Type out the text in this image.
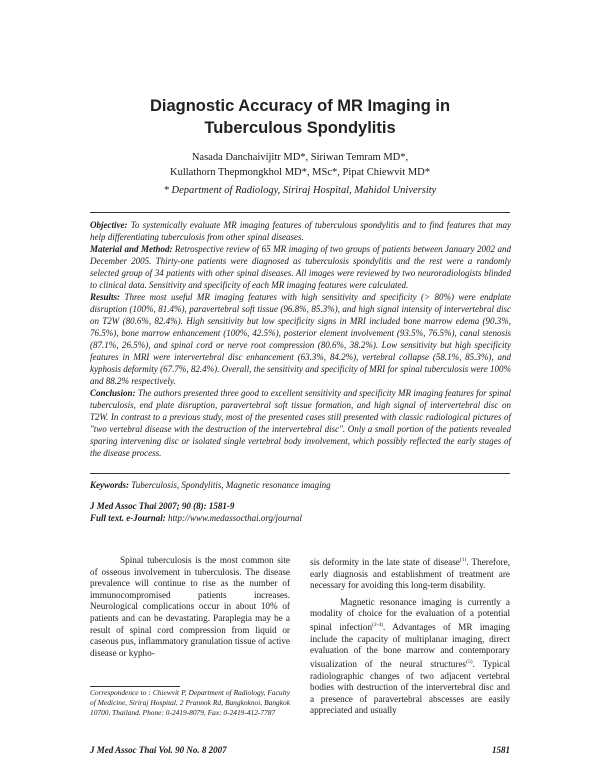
Diagnostic Accuracy of MR Imaging in
Tuberculous Spondylitis
Nasada Danchaivijitr MD*, Siriwan Temram MD*,
Kullathorn Thepmongkhol MD*, MSc*, Pipat Chiewvit MD*
* Department of Radiology, Siriraj Hospital, Mahidol University

Objective: To systemically evaluate MR imaging features of tuberculous spondylitis and to find features that may help differentiating tuberculosis from other spinal diseases.

Material and Method: Retrospective review of 65 MR imaging of two groups of patients between January 2002 and December 2005. Thirty-one patients were diagnosed as tuberculosis spondylitis and the rest were a randomly selected group of 34 patients with other spinal diseases. All images were reviewed by two neuroradiologists blinded to clinical data. Sensitivity and specificity of each MR imaging features were calculated.

Results: Three most useful MR imaging features with high sensitivity and specificity (> 80%) were endplate disruption (100%, 81.4%), paravertebral soft tissue (96.8%, 85.3%), and high signal intensity of intervertebral disc on T2W (80.6%, 82.4%). High sensitivity but low specificity signs in MRI included bone marrow edema (90.3%, 76.5%), bone marrow enhancement (100%, 42.5%), posterior element involvement (93.5%, 76.5%), canal stenosis (87.1%, 26.5%), and spinal cord or nerve root compression (80.6%, 38.2%). Low sensitivity but high specificity features in MRI were intervertebral disc enhancement (63.3%, 84.2%), vertebral collapse (58.1%, 85.3%), and kyphosis deformity (67.7%, 82.4%). Overall, the sensitivity and specificity of MRI for spinal tuberculosis were 100% and 88.2% respectively.

Conclusion: The authors presented three good to excellent sensitivity and specificity MR imaging features for spinal tuberculosis, end plate disruption, paravertebral soft tissue formation, and high signal of intervertebral disc on T2W. In contrast to a previous study, most of the presented cases still presented with classic radiological pictures of "two vertebral disease with the destruction of the intervertebral disc". Only a small portion of the patients revealed sparing intervening disc or isolated single vertebral body involvement, which possibly reflected the early stages of the disease process.

Keywords: Tuberculosis, Spondylitis, Magnetic resonance imaging
J Med Assoc Thai 2007; 90 (8): 1581-9
Full text. e-Journal: http://www.medassocthai.org/journal

Spinal tuberculosis is the most common site of osseous involvement in tuberculosis. The disease prevalence will continue to rise as the number of immunocompromised patients increases. Neurological complications occur in about 10% of patients and can be devastating. Paraplegia may be a result of spinal cord compression from liquid or caseous pus, inflammatory granulation tissue of active disease or kypho-

sis deformity in the late state of disease$^{(1)}$. Therefore, early diagnosis and establishment of treatment are necessary for avoiding this long-term disability.

Magnetic resonance imaging is currently a modality of choice for the evaluation of a potential spinal infection$^{(2-4)}$. Advantages of MR imaging include the capacity of multiplanar imaging, direct evaluation of the bone marrow and contemporary visualization of the neural structures$^{(5)}$. Typical radiolographic changes of two adjacent vertebral bodies with destruction of the intervertebral disc and a presence of paravertebral abscesses are easily appreciated and usually

Correspondence to : Chiewvit P, Department of Radiology, Faculty of Medicine, Siriraj Hospital, 2 Prannok Rd, Bangkoknoi, Bangkok 10700, Thailand. Phone: 0-2419-8079, Fax: 0-2419-412-7787
J Med Assoc Thai Vol. 90 No. 8 2007	1581
